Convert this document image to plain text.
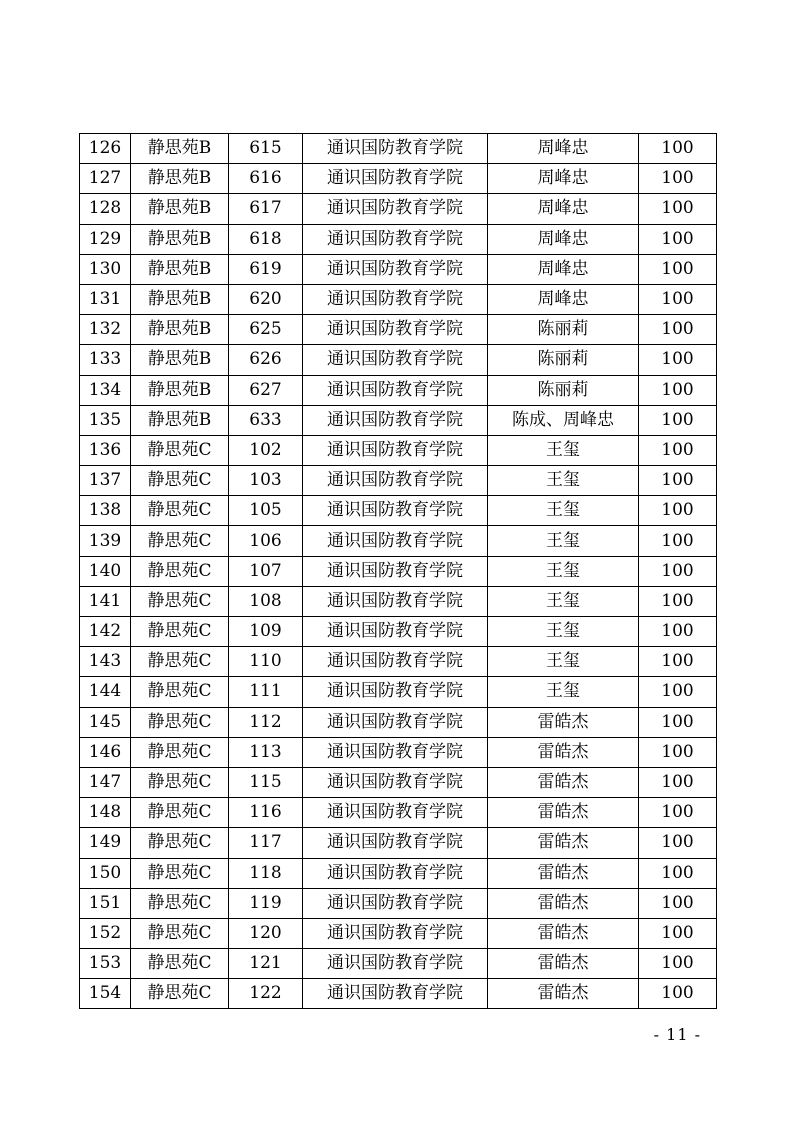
126	静思苑B	615	通识国防教育学院	周峰忠	100
127	静思苑B	616	通识国防教育学院	周峰忠	100
128	静思苑B	617	通识国防教育学院	周峰忠	100
129	静思苑B	618	通识国防教育学院	周峰忠	100
130	静思苑B	619	通识国防教育学院	周峰忠	100
131	静思苑B	620	通识国防教育学院	周峰忠	100
132	静思苑B	625	通识国防教育学院	陈丽莉	100
133	静思苑B	626	通识国防教育学院	陈丽莉	100
134	静思苑B	627	通识国防教育学院	陈丽莉	100
135	静思苑B	633	通识国防教育学院	陈成、周峰忠	100
136	静思苑C	102	通识国防教育学院	王玺	100
137	静思苑C	103	通识国防教育学院	王玺	100
138	静思苑C	105	通识国防教育学院	王玺	100
139	静思苑C	106	通识国防教育学院	王玺	100
140	静思苑C	107	通识国防教育学院	王玺	100
141	静思苑C	108	通识国防教育学院	王玺	100
142	静思苑C	109	通识国防教育学院	王玺	100
143	静思苑C	110	通识国防教育学院	王玺	100
144	静思苑C	111	通识国防教育学院	王玺	100
145	静思苑C	112	通识国防教育学院	雷皓杰	100
146	静思苑C	113	通识国防教育学院	雷皓杰	100
147	静思苑C	115	通识国防教育学院	雷皓杰	100
148	静思苑C	116	通识国防教育学院	雷皓杰	100
149	静思苑C	117	通识国防教育学院	雷皓杰	100
150	静思苑C	118	通识国防教育学院	雷皓杰	100
151	静思苑C	119	通识国防教育学院	雷皓杰	100
152	静思苑C	120	通识国防教育学院	雷皓杰	100
153	静思苑C	121	通识国防教育学院	雷皓杰	100
154	静思苑C	122	通识国防教育学院	雷皓杰	100
- 11 -
